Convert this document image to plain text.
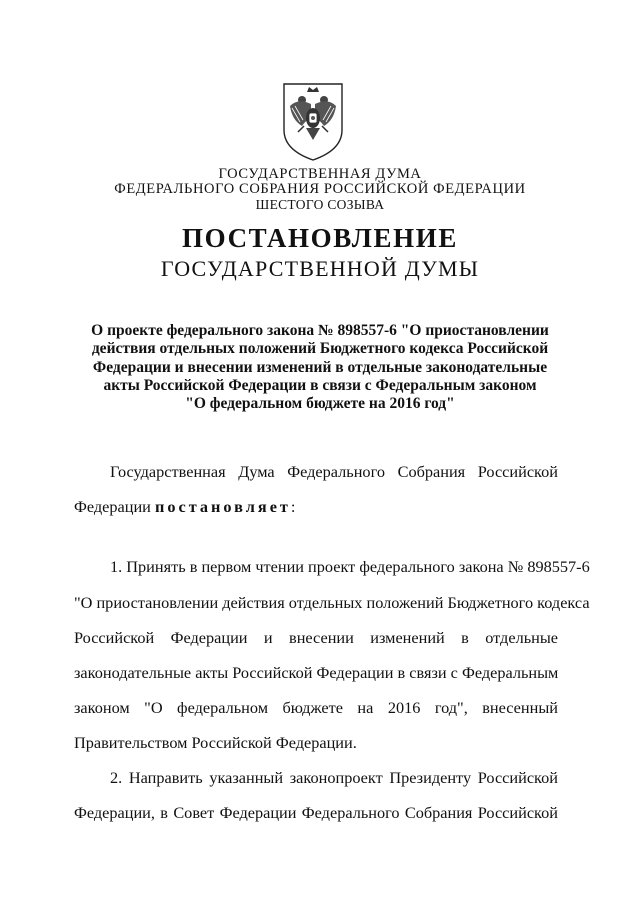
ГОСУДАРСТВЕННАЯ ДУМА
ФЕДЕРАЛЬНОГО СОБРАНИЯ РОССИЙСКОЙ ФЕДЕРАЦИИ
ШЕСТОГО СОЗЫВА
ПОСТАНОВЛЕНИЕ
ГОСУДАРСТВЕННОЙ ДУМЫ
О проекте федерального закона № 898557-6 "О приостановлении
действия отдельных положений Бюджетного кодекса Российской
Федерации и внесении изменений в отдельные законодательные
акты Российской Федерации в связи с Федеральным законом
"О федеральном бюджете на 2016 год"
Государственная Дума Федерального Собрания Российской
Федерации постановляет:
1. Принять в первом чтении проект федерального закона № 898557-6
"О приостановлении действия отдельных положений Бюджетного кодекса
Российской Федерации и внесении изменений в отдельные
законодательные акты Российской Федерации в связи с Федеральным
законом "О федеральном бюджете на 2016 год", внесенный
Правительством Российской Федерации.
2. Направить указанный законопроект Президенту Российской
Федерации, в Совет Федерации Федерального Собрания Российской
